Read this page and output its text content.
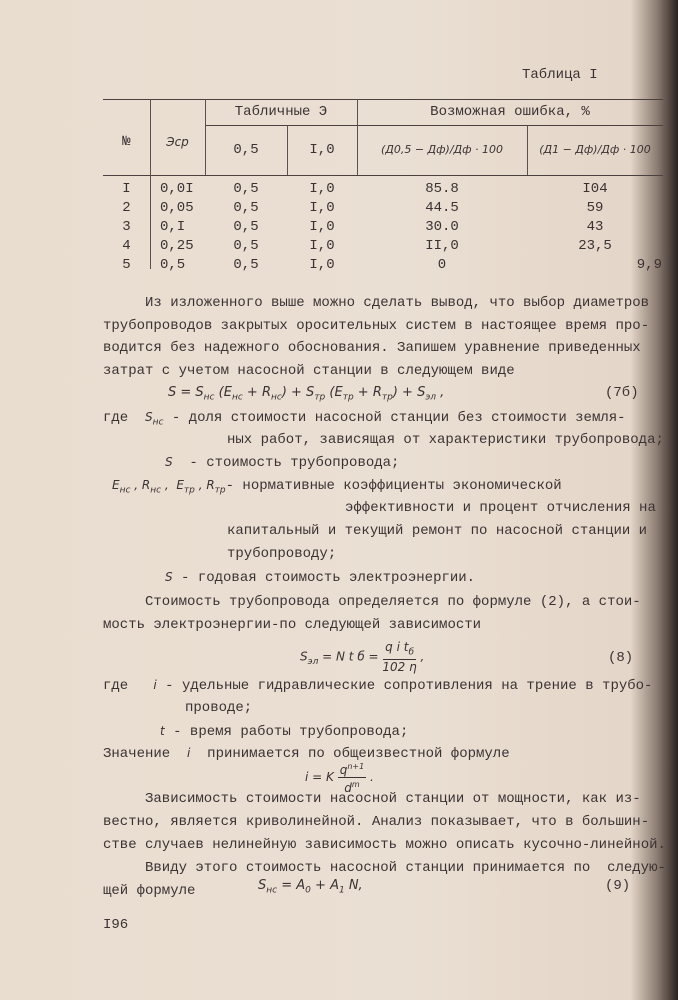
Таблица I
№	Эср
Табличные Э
0,5	I,0
Возможная ошибка, %
(Д0,5 − Дф)/Дф · 100	(Д1 − Дф)/Дф · 100
I	0,0I	0,5	I,0	85.8	I04
2	0,05	0,5	I,0	44.5	59
3	0,I	0,5	I,0	30.0	43
4	0,25	0,5	I,0	II,0	23,5
5	0,5	0,5	I,0	0	9,9
Из изложенного выше можно сделать вывод, что выбор диаметров
трубопроводов закрытых оросительных систем в настоящее время про-
водится без надежного обоснования. Запишем уравнение приведенных
затрат с учетом насосной станции в следующем виде
$S = S_{нс}$ $(E_{нс} + R_{нс}) + S_{тр}$ $(E_{тр} + R_{тр}) + S_{эл}$ ,	(7б)
где  $S_{нс}$ - доля стоимости насосной станции без стоимости земля-
ных работ, зависящая от характеристики трубопровода;
S  - стоимость трубопровода;
$E_{нс}$ , $R_{нс}$ ,  $E_{тр}$ , $R_{тр}-$ нормативные коэффициенты экономической
эффективности и процент отчисления на
капитальный и текущий ремонт по насосной станции и
трубопроводу;
S - годовая стоимость электроэнергии.
Стоимость трубопровода определяется по формуле (2), а стои-
мость электроэнергии-по следующей зависимости
$S_{эл} = N$ t $б = \frac{q i t_б}{102 \eta}$ ,	(8)
где   i - удельные гидравлические сопротивления на трение в трубо-
проводе;
t - время работы трубопровода;
Значение  i  принимается по общеизвестной формуле
i = K $\frac{q^{n+1}}{d^m}$ .
Зависимость стоимости насосной станции от мощности, как из-
вестно, является криволинейной. Анализ показывает, что в большин-
стве случаев нелинейную зависимость можно описать кусочно-линейной.
Ввиду этого стоимость насосной станции принимается по  следую-
щей формуле	$S_{нс} = A_0 + A_1$ N,	(9)
I96
